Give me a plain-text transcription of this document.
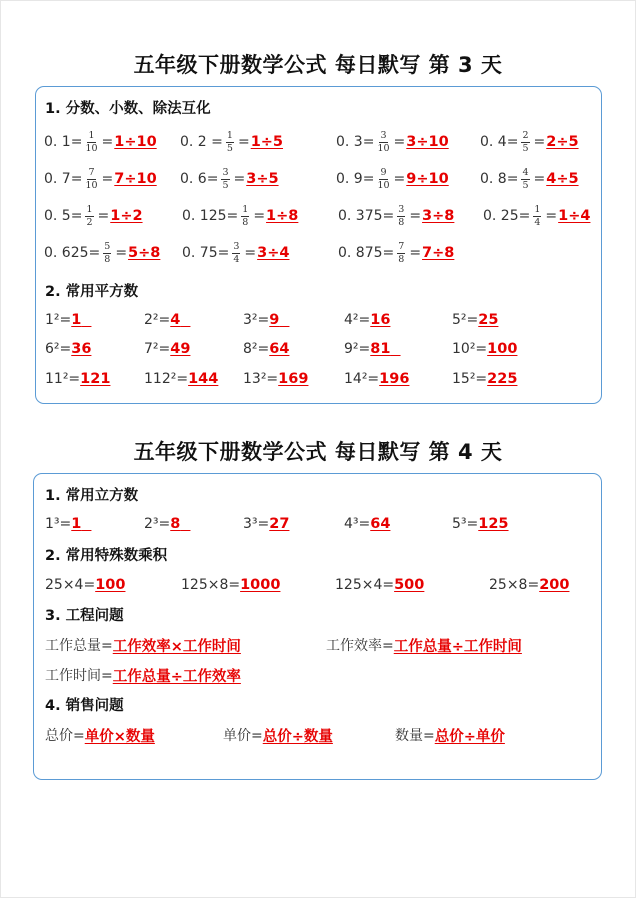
五年级下册数学公式 每日默写 第 3 天
1. 分数、小数、除法互化
0. $1= \frac{1}{10} = 1\div 10$ 0. $2 = \frac{1}{5} = 1\div 5$	0. $3= \frac{3}{10} = 3\div 10$ 0. $4= \frac{2}{5} = 2\div 5$
0. $7= \frac{7}{10} = 7\div 10$ 0. $6= \frac{3}{5} = 3\div 5$	0. $9= \frac{9}{10} = 9\div 10$ 0. $8= \frac{4}{5} = 4\div 5$
0. $5= \frac{1}{2} = 1\div 2$	0. $125= \frac{1}{8} = 1\div 8$	0. $375= \frac{3}{8} = 3\div 8$ 0. $25= \frac{1}{4} = 1\div 4$
0. $625= \frac{5}{8} = 5\div 8$ 0. $75= \frac{3}{4} = 3\div 4$	0. $875= \frac{7}{8} = 7\div 8$
2. 常用平方数
1²= 1	2²= 4	3²= 9	4²= 16	5²= 25
6²= 36	7²= 49	8²= 64	9²= 81	10²= 100
11²= 121 112²= 144 13²= 169	14²= 196	15²= 225
五年级下册数学公式 每日默写 第 4 天
1. 常用立方数
1³= 1	2³= 8	3³= 27	4³= 64	5³= 125
2. 常用特殊数乘积
25×4= 100	125×8= 1000	125×4= 500	25×8= 200
3. 工程问题
工作总量= 工作效率×工作时间	工作效率= 工作总量÷工作时间
工作时间= 工作总量÷工作效率
4. 销售问题
总价= 单价×数量	单价= 总价÷数量	数量= 总价÷单价
